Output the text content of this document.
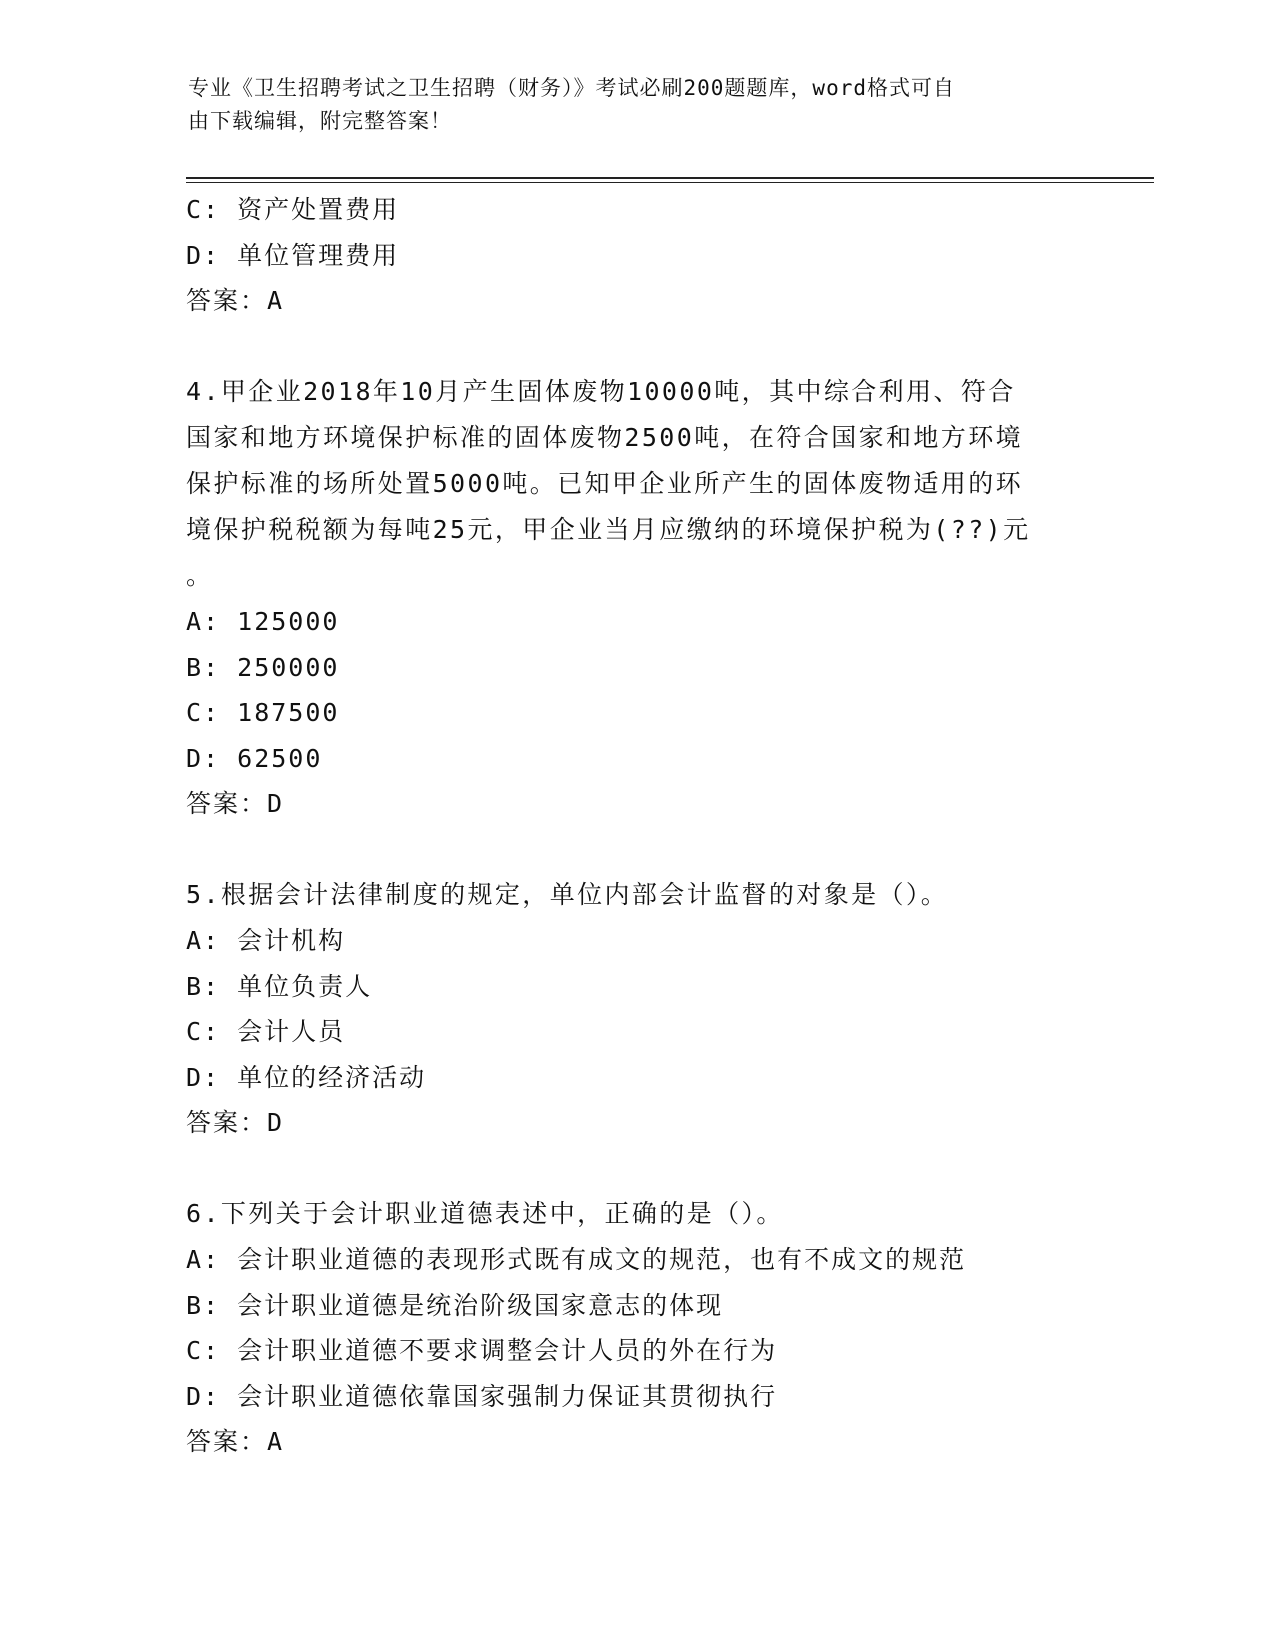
专业《卫生招聘考试之卫生招聘（财务）》考试必刷200题题库，word格式可自
由下载编辑，附完整答案！
C: 资产处置费用
D: 单位管理费用
答案：A
4.甲企业2018年10月产生固体废物10000吨，其中综合利用、符合
国家和地方环境保护标准的固体废物2500吨，在符合国家和地方环境
保护标准的场所处置5000吨。已知甲企业所产生的固体废物适用的环
境保护税税额为每吨25元，甲企业当月应缴纳的环境保护税为(??)元
。
A: 125000
B: 250000
C: 187500
D: 62500
答案：D
5.根据会计法律制度的规定，单位内部会计监督的对象是（）。
A: 会计机构
B: 单位负责人
C: 会计人员
D: 单位的经济活动
答案：D
6.下列关于会计职业道德表述中，正确的是（）。
A: 会计职业道德的表现形式既有成文的规范，也有不成文的规范
B: 会计职业道德是统治阶级国家意志的体现
C: 会计职业道德不要求调整会计人员的外在行为
D: 会计职业道德依靠国家强制力保证其贯彻执行
答案：A
